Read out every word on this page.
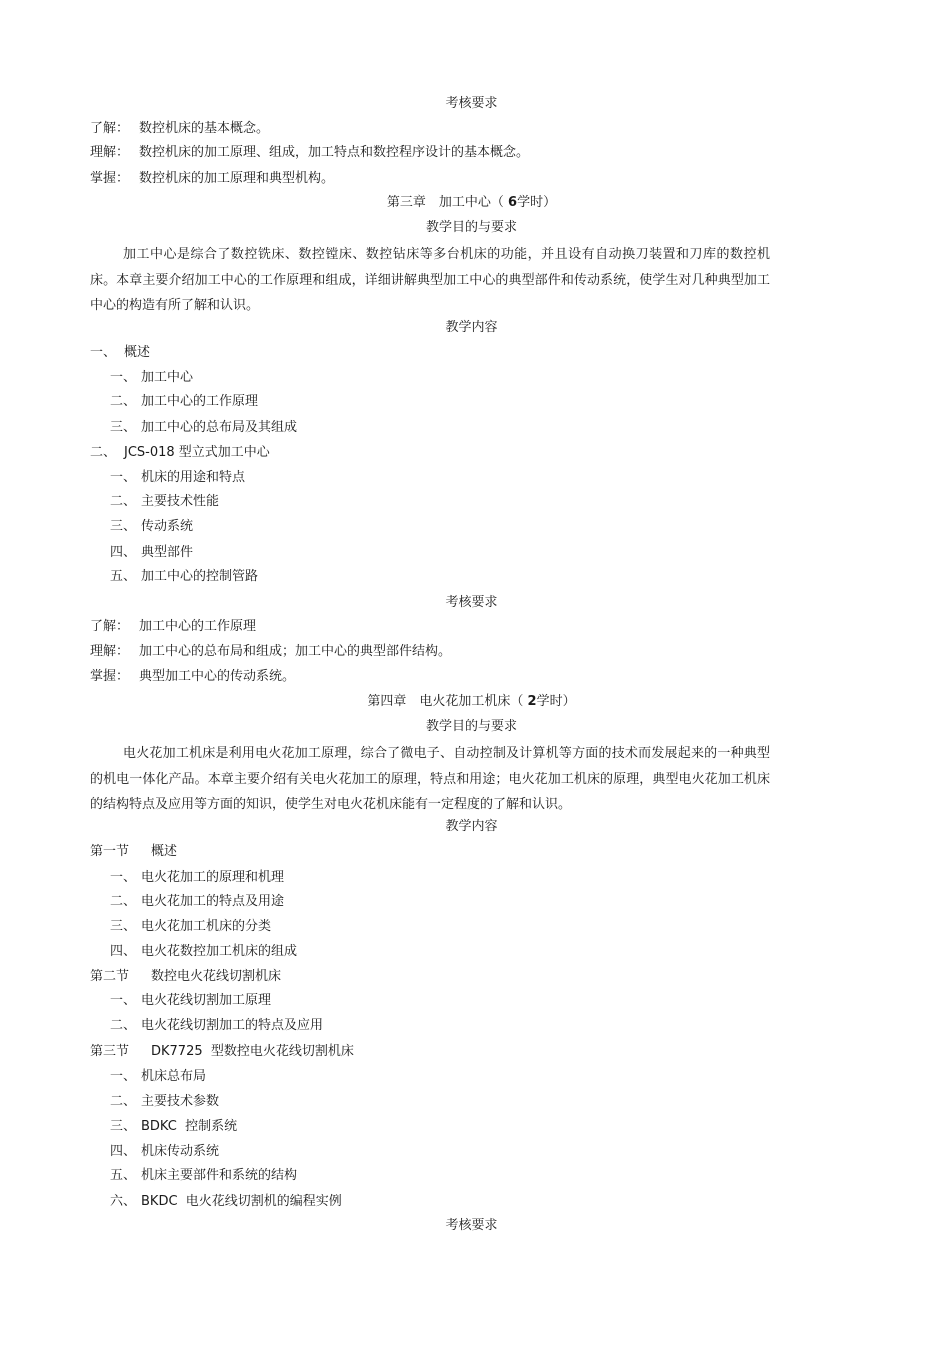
考核要求
了解： 数控机床的基本概念。
理解： 数控机床的加工原理、组成，加工特点和数控程序设计的基本概念。
掌握： 数控机床的加工原理和典型机构。
第三章　加工中心（ 6学时）
教学目的与要求
加工中心是综合了数控铣床、数控镗床、数控钻床等多台机床的功能，并且设有自动换刀装置和刀库的数控机床。本章主要介绍加工中心的工作原理和组成，详细讲解典型加工中心的典型部件和传动系统，使学生对几种典型加工中心的构造有所了解和认识。
教学内容
一、 概述
一、 加工中心
二、 加工中心的工作原理
三、 加工中心的总布局及其组成
二、 JCS-018 型立式加工中心
一、 机床的用途和特点
二、 主要技术性能
三、 传动系统
四、 典型部件
五、 加工中心的控制管路
考核要求
了解： 加工中心的工作原理
理解： 加工中心的总布局和组成；加工中心的典型部件结构。
掌握： 典型加工中心的传动系统。
第四章　电火花加工机床（ 2学时）
教学目的与要求
电火花加工机床是利用电火花加工原理，综合了微电子、自动控制及计算机等方面的技术而发展起来的一种典型的机电一体化产品。本章主要介绍有关电火花加工的原理，特点和用途；电火花加工机床的原理，典型电火花加工机床的结构特点及应用等方面的知识，使学生对电火花机床能有一定程度的了解和认识。
教学内容
第一节 概述
一、 电火花加工的原理和机理
二、 电火花加工的特点及用途
三、 电火花加工机床的分类
四、 电火花数控加工机床的组成
第二节 数控电火花线切割机床
一、 电火花线切割加工原理
二、 电火花线切割加工的特点及应用
第三节 DK7725  型数控电火花线切割机床
一、 机床总布局
二、 主要技术参数
三、 BDKC  控制系统
四、 机床传动系统
五、 机床主要部件和系统的结构
六、 BKDC  电火花线切割机的编程实例
考核要求
